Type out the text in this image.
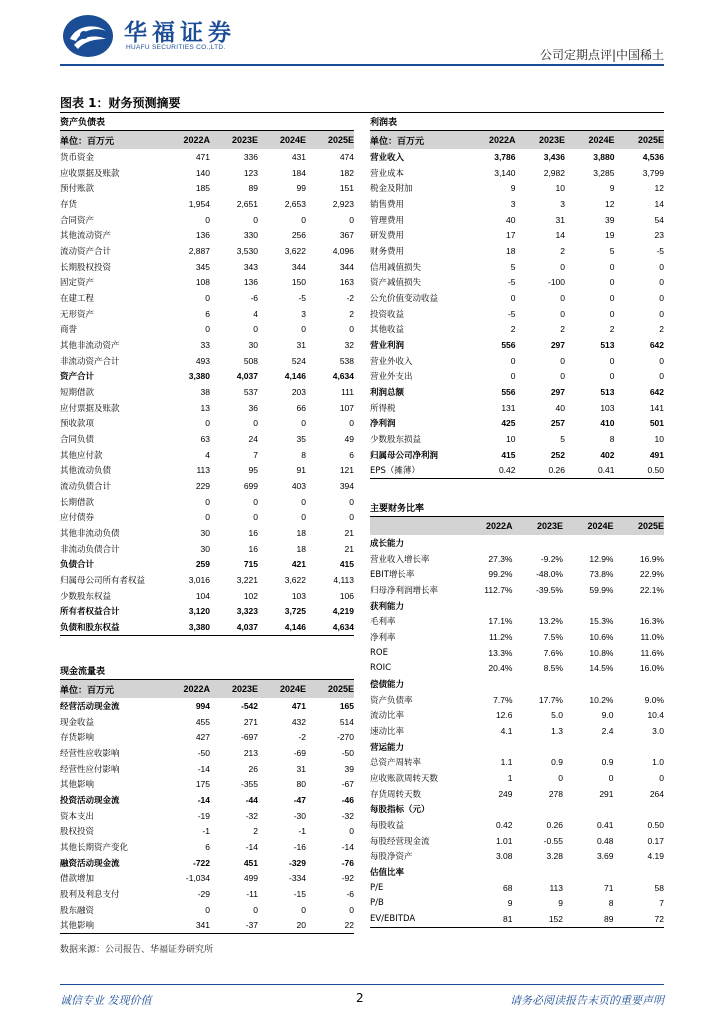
华福证券
HUAFU SECURITIES CO.,LTD.
公司定期点评|中国稀土
图表 1：财务预测摘要
资产负债表
单位：百万元	2022A	2023E	2024E	2025E
货币资金	471	336	431	474
应收票据及账款	140	123	184	182
预付账款	185	89	99	151
存货	1,954	2,651	2,653	2,923
合同资产	0	0	0	0
其他流动资产	136	330	256	367
流动资产合计	2,887	3,530	3,622	4,096
长期股权投资	345	343	344	344
固定资产	108	136	150	163
在建工程	0	-6	-5	-2
无形资产	6	4	3	2
商誉	0	0	0	0
其他非流动资产	33	30	31	32
非流动资产合计	493	508	524	538
资产合计	3,380	4,037	4,146	4,634
短期借款	38	537	203	111
应付票据及账款	13	36	66	107
预收款项	0	0	0	0
合同负债	63	24	35	49
其他应付款	4	7	8	6
其他流动负债	113	95	91	121
流动负债合计	229	699	403	394
长期借款	0	0	0	0
应付债券	0	0	0	0
其他非流动负债	30	16	18	21
非流动负债合计	30	16	18	21
负债合计	259	715	421	415
归属母公司所有者权益	3,016	3,221	3,622	4,113
少数股东权益	104	102	103	106
所有者权益合计	3,120	3,323	3,725	4,219
负债和股东权益	3,380	4,037	4,146	4,634
现金流量表
单位：百万元	2022A	2023E	2024E	2025E
经营活动现金流	994	-542	471	165
现金收益	455	271	432	514
存货影响	427	-697	-2	-270
经营性应收影响	-50	213	-69	-50
经营性应付影响	-14	26	31	39
其他影响	175	-355	80	-67
投资活动现金流	-14	-44	-47	-46
资本支出	-19	-32	-30	-32
股权投资	-1	2	-1	0
其他长期资产变化	6	-14	-16	-14
融资活动现金流	-722	451	-329	-76
借款增加	-1,034	499	-334	-92
股利及利息支付	-29	-11	-15	-6
股东融资	0	0	0	0
其他影响	341	-37	20	22
利润表
单位：百万元	2022A	2023E	2024E	2025E
营业收入	3,786	3,436	3,880	4,536
营业成本	3,140	2,982	3,285	3,799
税金及附加	9	10	9	12
销售费用	3	3	12	14
管理费用	40	31	39	54
研发费用	17	14	19	23
财务费用	18	2	5	-5
信用减值损失	5	0	0	0
资产减值损失	-5	-100	0	0
公允价值变动收益	0	0	0	0
投资收益	-5	0	0	0
其他收益	2	2	2	2
营业利润	556	297	513	642
营业外收入	0	0	0	0
营业外支出	0	0	0	0
利润总额	556	297	513	642
所得税	131	40	103	141
净利润	425	257	410	501
少数股东损益	10	5	8	10
归属母公司净利润	415	252	402	491
EPS（摊薄）	0.42	0.26	0.41	0.50
主要财务比率
2022A	2023E	2024E	2025E
成长能力
营业收入增长率	27.3%	-9.2%	12.9%	16.9%
EBIT增长率	99.2%	-48.0%	73.8%	22.9%
归母净利润增长率	112.7%	-39.5%	59.9%	22.1%
获利能力
毛利率	17.1%	13.2%	15.3%	16.3%
净利率	11.2%	7.5%	10.6%	11.0%
ROE	13.3%	7.6%	10.8%	11.6%
ROIC	20.4%	8.5%	14.5%	16.0%
偿债能力
资产负债率	7.7%	17.7%	10.2%	9.0%
流动比率	12.6	5.0	9.0	10.4
速动比率	4.1	1.3	2.4	3.0
营运能力
总资产周转率	1.1	0.9	0.9	1.0
应收账款周转天数	1	0	0	0
存货周转天数	249	278	291	264
每股指标（元）
每股收益	0.42	0.26	0.41	0.50
每股经营现金流	1.01	-0.55	0.48	0.17
每股净资产	3.08	3.28	3.69	4.19
估值比率
P/E	68	113	71	58
P/B	9	9	8	7
EV/EBITDA	81	152	89	72
数据来源：公司报告、华福证券研究所
诚信专业 发现价值	2	请务必阅读报告末页的重要声明
